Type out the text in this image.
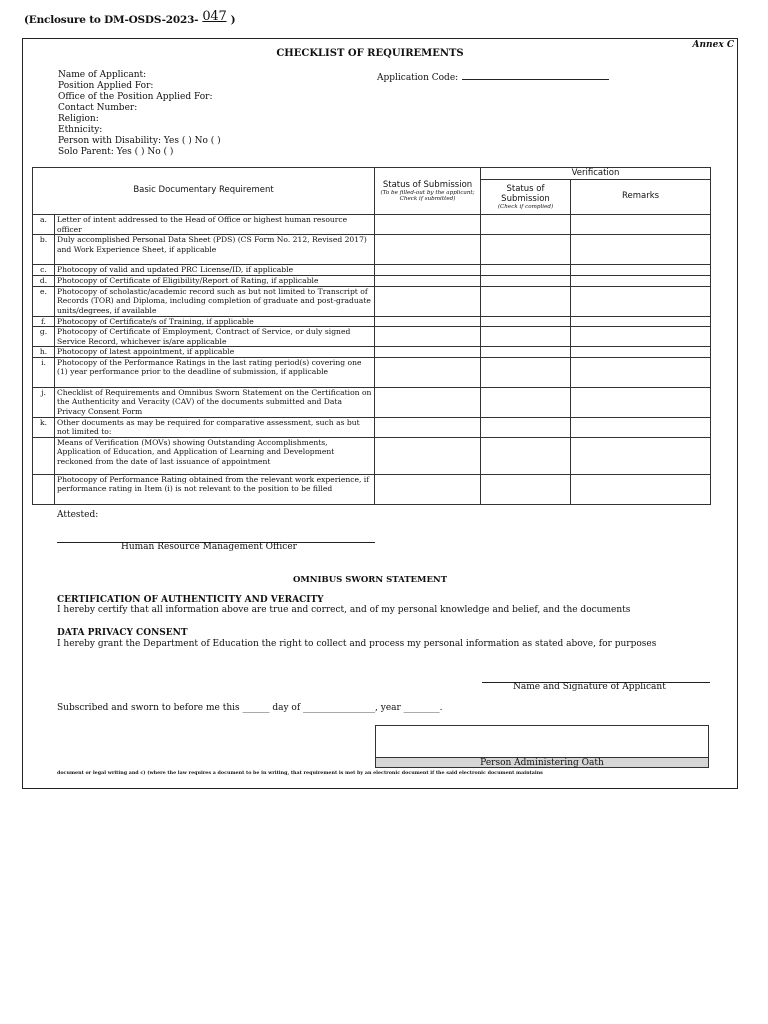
(Enclosure to DM-OSDS-2023- 047 )
Annex C
CHECKLIST OF REQUIREMENTS
Name of Applicant:
Position Applied For:
Office of the Position Applied For:
Contact Number:
Religion:
Ethnicity:
Person with Disability: Yes ( ) No ( )
Solo Parent: Yes ( ) No ( )
Application Code:
Basic Documentary Requirement		Status of Submission
(To be filled-out by the applicant; Check if submitted)	Verification	

			Status of Submission
(Check if complied)	Remarks
a.	Letter of intent addressed to the Head of Office or highest human resource officer			
b.	Duly accomplished Personal Data Sheet (PDS) (CS Form No. 212, Revised 2017) and Work Experience Sheet, if applicable			
c.	Photocopy of valid and updated PRC License/ID, if applicable			
d.	Photocopy of Certificate of Eligibility/Report of Rating, if applicable			
e.	Photocopy of scholastic/academic record such as but not limited to Transcript of Records (TOR) and Diploma, including completion of graduate and post-graduate units/degrees, if available			
f.	Photocopy of Certificate/s of Training, if applicable			
g.	Photocopy of Certificate of Employment, Contract of Service, or duly signed Service Record, whichever is/are applicable			
h.	Photocopy of latest appointment, if applicable			
i.	Photocopy of the Performance Ratings in the last rating period(s) covering one (1) year performance prior to the deadline of submission, if applicable			
j.	Checklist of Requirements and Omnibus Sworn Statement on the Certification on the Authenticity and Veracity (CAV) of the documents submitted and Data Privacy Consent Form			
k.	Other documents as may be required for comparative assessment, such as but not limited to:			
	Means of Verification (MOVs) showing Outstanding Accomplishments, Application of Education, and Application of Learning and Development reckoned from the date of last issuance of appointment			
	Photocopy of Performance Rating obtained from the relevant work experience, if performance rating in Item (i) is not relevant to the position to be filled			
Attested:
Human Resource Management Officer
OMNIBUS SWORN STATEMENT
CERTIFICATION OF AUTHENTICITY AND VERACITY
I hereby certify that all information above are true and correct, and of my personal knowledge and belief, and the documents
DATA PRIVACY CONSENT
I hereby grant the Department of Education the right to collect and process my personal information as stated above, for purposes
Name and Signature of Applicant
Subscribed and sworn to before me this ______ day of ________________, year ________.
Person Administering Oath
document or legal writing and c) (where the law requires a document to be in writing, that requirement is met by an electronic document if the said electronic document maintains
